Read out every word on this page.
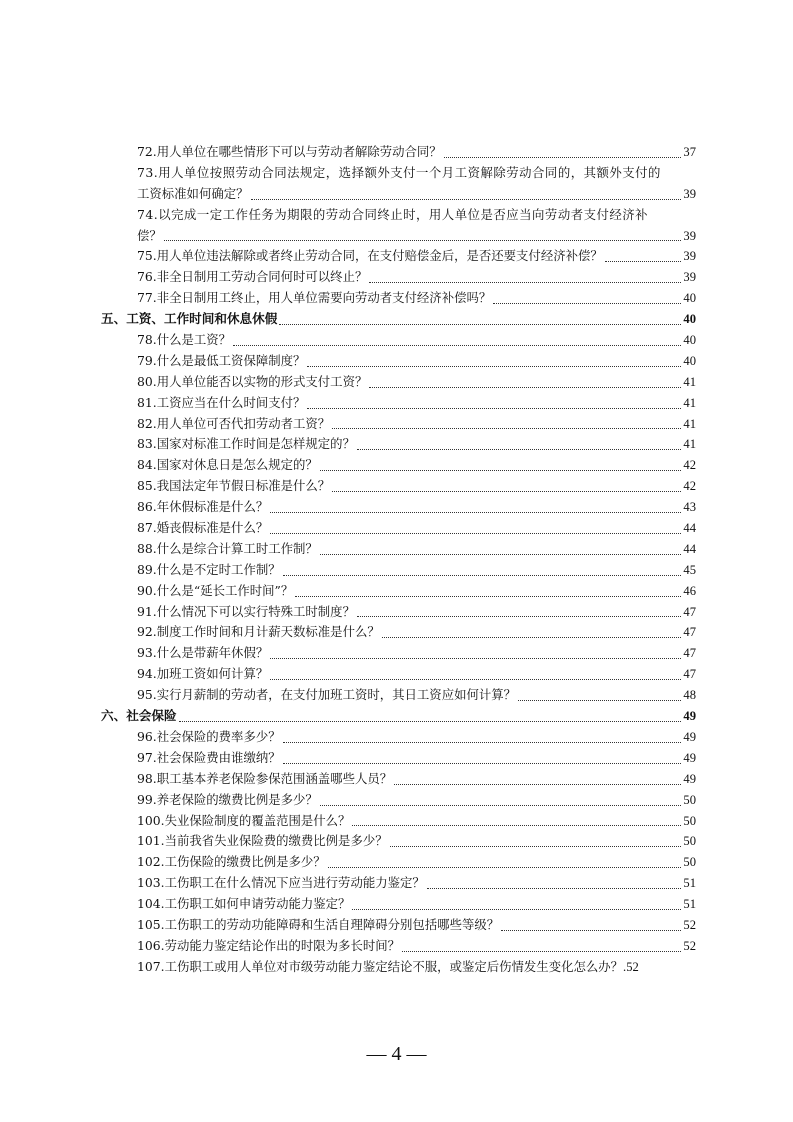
72.用人单位在哪些情形下可以与劳动者解除劳动合同？	37
73.用人单位按照劳动合同法规定，选择额外支付一个月工资解除劳动合同的，其额外支付的
工资标准如何确定？	39
74.以完成一定工作任务为期限的劳动合同终止时，用人单位是否应当向劳动者支付经济补
偿？	39
75.用人单位违法解除或者终止劳动合同，在支付赔偿金后，是否还要支付经济补偿？	39
76.非全日制用工劳动合同何时可以终止？	39
77.非全日制用工终止，用人单位需要向劳动者支付经济补偿吗？	40
五、工资、工作时间和休息休假	40
78.什么是工资？	40
79.什么是最低工资保障制度？	40
80.用人单位能否以实物的形式支付工资？	41
81.工资应当在什么时间支付？	41
82.用人单位可否代扣劳动者工资？	41
83.国家对标准工作时间是怎样规定的？	41
84.国家对休息日是怎么规定的？	42
85.我国法定年节假日标准是什么？	42
86.年休假标准是什么？	43
87.婚丧假标准是什么？	44
88.什么是综合计算工时工作制？	44
89.什么是不定时工作制？	45
90.什么是“延长工作时间”？	46
91.什么情况下可以实行特殊工时制度？	47
92.制度工作时间和月计薪天数标准是什么？	47
93.什么是带薪年休假？	47
94.加班工资如何计算？	47
95.实行月薪制的劳动者，在支付加班工资时，其日工资应如何计算？	48
六、社会保险	49
96.社会保险的费率多少？	49
97.社会保险费由谁缴纳？	49
98.职工基本养老保险参保范围涵盖哪些人员？	49
99.养老保险的缴费比例是多少？	50
100.失业保险制度的覆盖范围是什么？	50
101.当前我省失业保险费的缴费比例是多少？	50
102.工伤保险的缴费比例是多少？	50
103.工伤职工在什么情况下应当进行劳动能力鉴定？	51
104.工伤职工如何申请劳动能力鉴定？	51
105.工伤职工的劳动功能障碍和生活自理障碍分别包括哪些等级？	52
106.劳动能力鉴定结论作出的时限为多长时间？	52
107.工伤职工或用人单位对市级劳动能力鉴定结论不服，或鉴定后伤情发生变化怎么办？ .52
— 4 —
